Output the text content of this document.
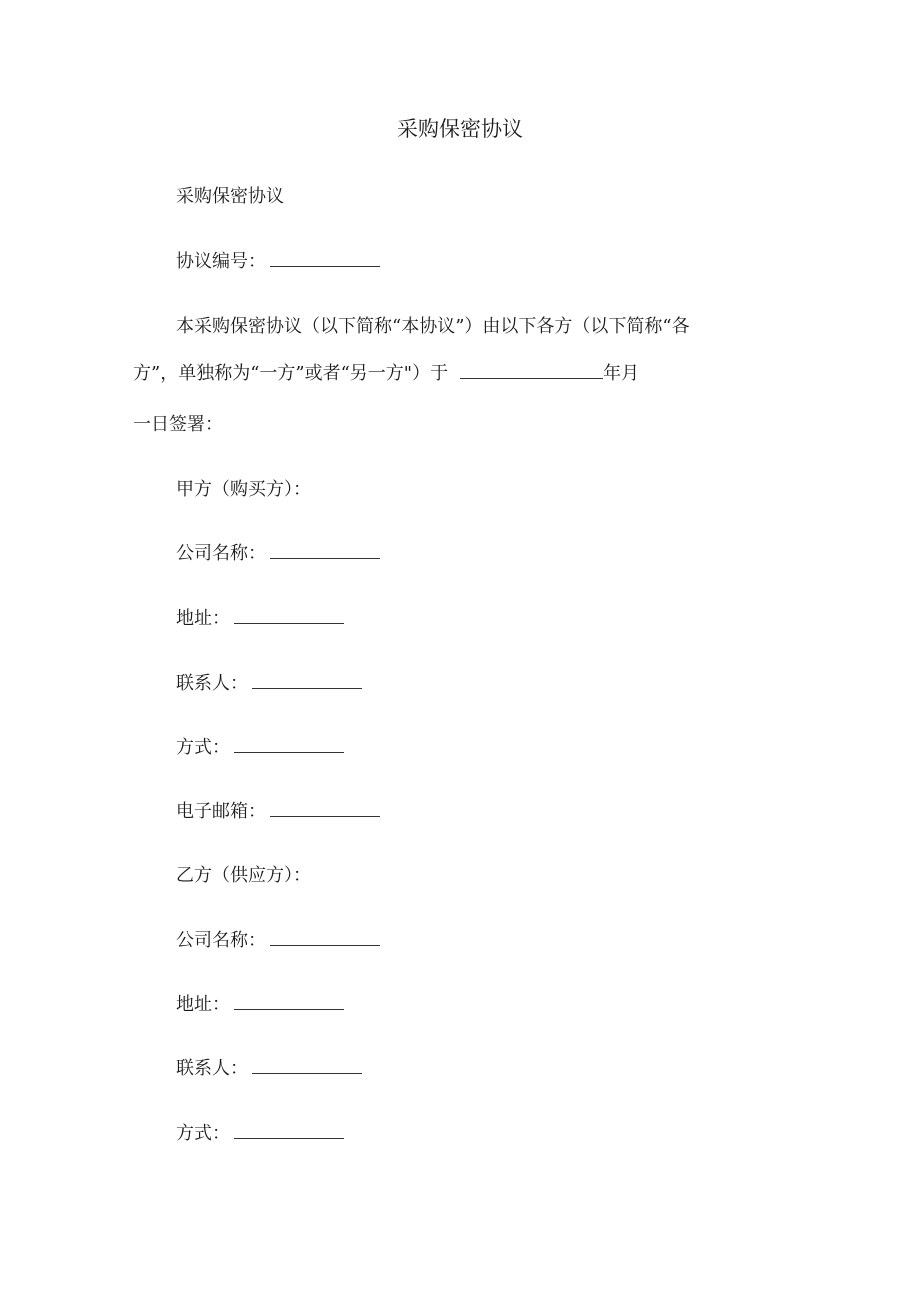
采购保密协议
采购保密协议
协议编号：
本采购保密协议（以下简称“本协议”）由以下各方（以下简称“各
方”，单独称为“一方”或者“另一方"）于	年月
一日签署：
甲方（购买方）：
公司名称：
地址：
联系人：
方式：
电子邮箱：
乙方（供应方）：
公司名称：
地址：
联系人：
方式：
